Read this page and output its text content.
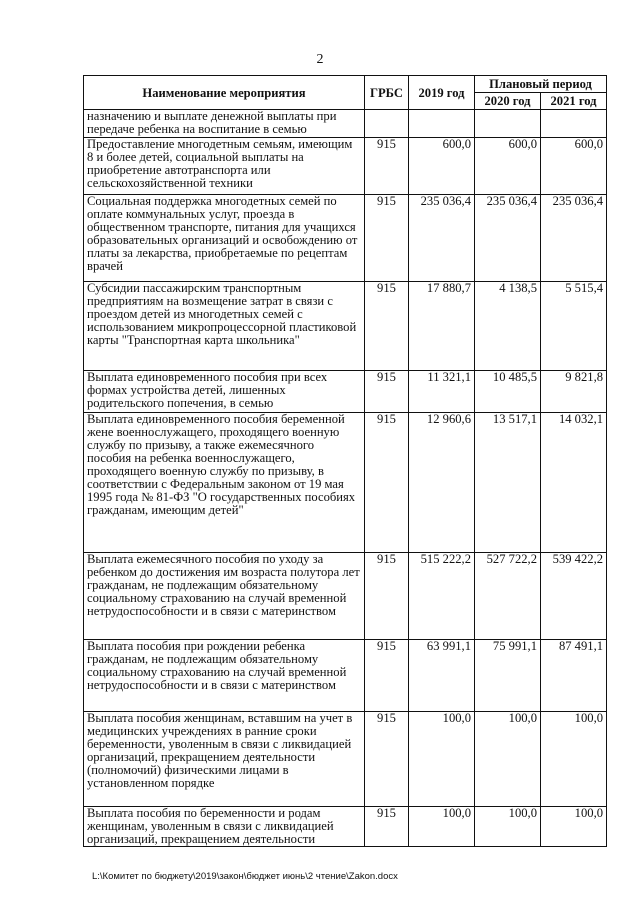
2
Наименование мероприятия	ГРБС	2019 год	Плановый период	
			2020 год	2021 год
назначению и выплате денежной выплаты при передаче ребенка на воспитание в семью				
Предоставление многодетным семьям, имеющим 8 и более детей, социальной выплаты на приобретение автотранспорта или сельскохозяйственной техники	915	600,0	600,0	600,0
Социальная поддержка многодетных семей по оплате коммунальных услуг, проезда в общественном транспорте, питания для учащихся образовательных организаций и освобождению от платы за лекарства, приобретаемые по рецептам врачей	915	235 036,4	235 036,4	235 036,4
Субсидии пассажирским транспортным предприятиям на возмещение затрат в связи с проездом детей из многодетных семей с использованием микропроцессорной пластиковой карты "Транспортная карта школьника"	915	17 880,7	4 138,5	5 515,4
Выплата единовременного пособия при всех формах устройства детей, лишенных родительского попечения, в семью	915	11 321,1	10 485,5	9 821,8
Выплата единовременного пособия беременной жене военнослужащего, проходящего военную службу по призыву, а также ежемесячного пособия на ребенка военнослужащего, проходящего военную службу по призыву, в соответствии с Федеральным законом от 19 мая 1995 года № 81-ФЗ "О государственных пособиях гражданам, имеющим детей"	915	12 960,6	13 517,1	14 032,1
Выплата ежемесячного пособия по уходу за ребенком до достижения им возраста полутора лет гражданам, не подлежащим обязательному социальному страхованию на случай временной нетрудоспособности и в связи с материнством	915	515 222,2	527 722,2	539 422,2
Выплата пособия при рождении ребенка гражданам, не подлежащим обязательному социальному страхованию на случай временной нетрудоспособности и в связи с материнством	915	63 991,1	75 991,1	87 491,1
Выплата пособия женщинам, вставшим на учет в медицинских учреждениях в ранние сроки беременности, уволенным в связи с ликвидацией организаций, прекращением деятельности (полномочий) физическими лицами в установленном порядке	915	100,0	100,0	100,0
Выплата пособия по беременности и родам женщинам, уволенным в связи с ликвидацией организаций, прекращением деятельности	915	100,0	100,0	100,0
L:\Комитет по бюджету\2019\закон\бюджет июнь\2 чтение\Zakon.docx
